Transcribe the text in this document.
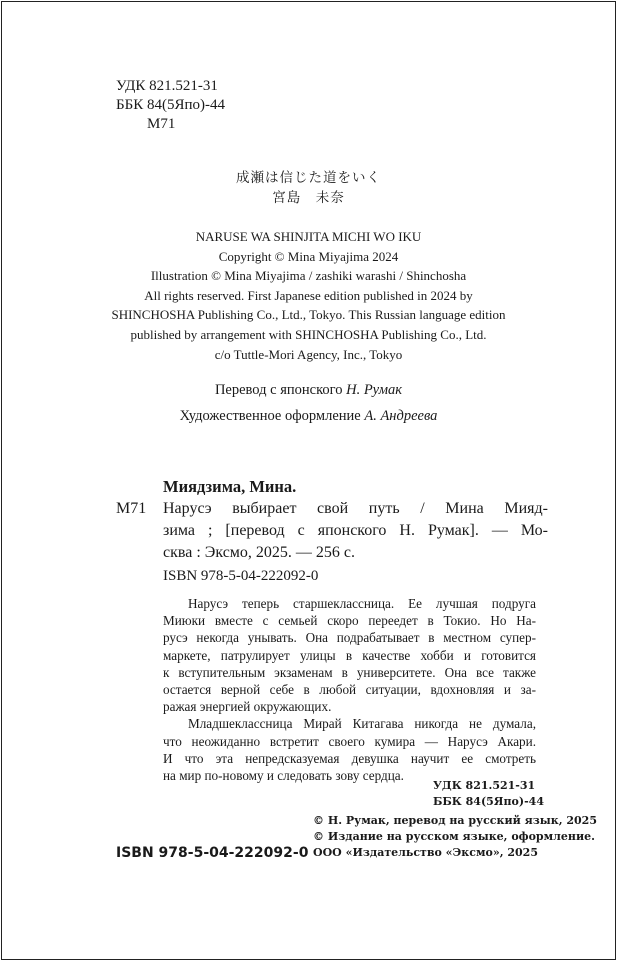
УДК 821.521-31
ББК 84(5Япо)-44
М71
成瀬は信じた道をいく
宮島　未奈
NARUSE WA SHINJITA MICHI WO IKU
Copyright © Mina Miyajima 2024
Illustration © Mina Miyajima / zashiki warashi / Shinchosha
All rights reserved. First Japanese edition published in 2024 by
SHINCHOSHA Publishing Co., Ltd., Tokyo. This Russian language edition
published by arrangement with SHINCHOSHA Publishing Co., Ltd.
c/o Tuttle-Mori Agency, Inc., Tokyo
Перевод с японского Н. Румак
Художественное оформление А. Андреева
Миядзима, Мина.
М71 Нарусэ выбирает свой путь / Мина Мияд-
зима ; [перевод с японского Н. Румак]. — Мо-
сква : Эксмо, 2025. — 256 с.
ISBN 978-5-04-222092-0
Нарусэ теперь старшеклассница. Ее лучшая подруга
Миюки вместе с семьей скоро переедет в Токио. Но На-
русэ некогда унывать. Она подрабатывает в местном супер-
маркете, патрулирует улицы в качестве хобби и готовится
к вступительным экзаменам в университете. Она все также
остается верной себе в любой ситуации, вдохновляя и за-
ражая энергией окружающих.
Младшеклассница Мирай Китагава никогда не думала,
что неожиданно встретит своего кумира — Нарусэ Акари.
И что эта непредсказуемая девушка научит ее смотреть
на мир по-новому и следовать зову сердца.
УДК 821.521-31
ББК 84(5Япо)-44
© Н. Румак, перевод на русский язык, 2025
© Издание на русском языке, оформление.
ООО «Издательство «Эксмо», 2025
ISBN 978-5-04-222092-0
